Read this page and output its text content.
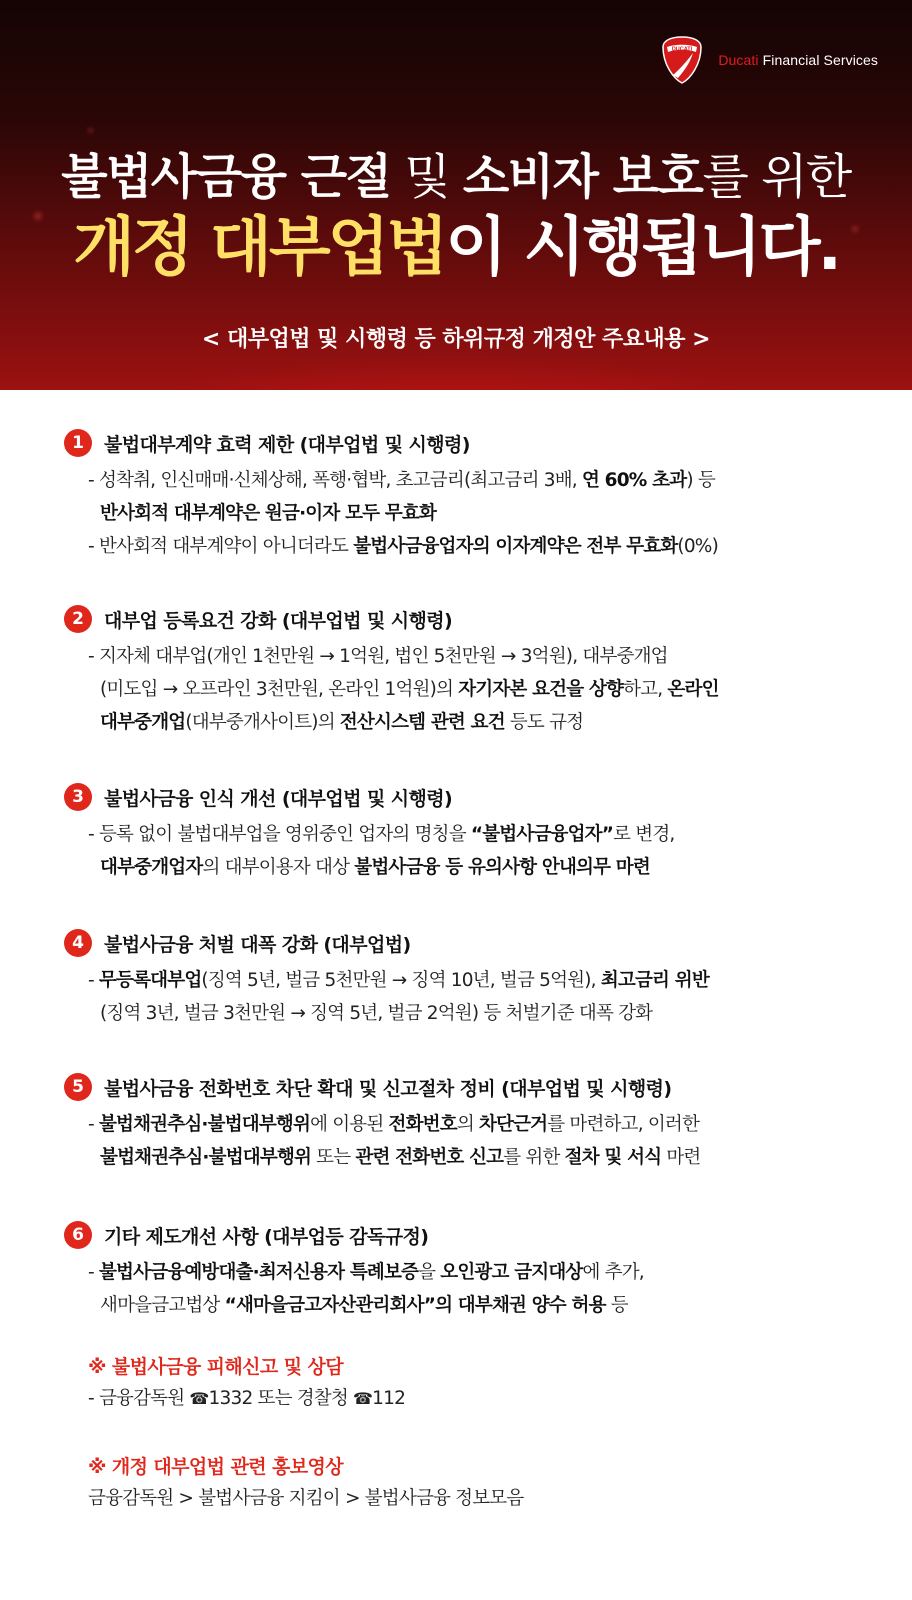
DUCATI
Ducati Financial Services
불법사금융 근절 및 소비자 보호를 위한
개정 대부업법이 시행됩니다.
< 대부업법 및 시행령 등 하위규정 개정안 주요내용 >
1	불법대부계약 효력 제한 (대부업법 및 시행령)
- 성착취, 인신매매·신체상해, 폭행·협박, 초고금리(최고금리 3배, 연 60% 초과) 등
반사회적 대부계약은 원금·이자 모두 무효화
- 반사회적 대부계약이 아니더라도 불법사금융업자의 이자계약은 전부 무효화(0%)
2	대부업 등록요건 강화 (대부업법 및 시행령)
- 지자체 대부업(개인 1천만원 → 1억원, 법인 5천만원 → 3억원), 대부중개업
(미도입 → 오프라인 3천만원, 온라인 1억원)의 자기자본 요건을 상향하고, 온라인
대부중개업(대부중개사이트)의 전산시스템 관련 요건 등도 규정
3	불법사금융 인식 개선 (대부업법 및 시행령)
- 등록 없이 불법대부업을 영위중인 업자의 명칭을 “불법사금융업자”로 변경,
대부중개업자의 대부이용자 대상 불법사금융 등 유의사항 안내의무 마련
4	불법사금융 처벌 대폭 강화 (대부업법)
- 무등록대부업(징역 5년, 벌금 5천만원 → 징역 10년, 벌금 5억원), 최고금리 위반
(징역 3년, 벌금 3천만원 → 징역 5년, 벌금 2억원) 등 처벌기준 대폭 강화
5	불법사금융 전화번호 차단 확대 및 신고절차 정비 (대부업법 및 시행령)
- 불법채권추심·불법대부행위에 이용된 전화번호의 차단근거를 마련하고, 이러한
불법채권추심·불법대부행위 또는 관련 전화번호 신고를 위한 절차 및 서식 마련
6	기타 제도개선 사항 (대부업등 감독규정)
- 불법사금융예방대출·최저신용자 특례보증을 오인광고 금지대상에 추가,
새마을금고법상 “새마을금고자산관리회사”의 대부채권 양수 허용 등
※ 불법사금융 피해신고 및 상담
- 금융감독원 ☎1332 또는 경찰청 ☎112
※ 개정 대부업법 관련 홍보영상
금융감독원 > 불법사금융 지킴이 > 불법사금융 정보모음
